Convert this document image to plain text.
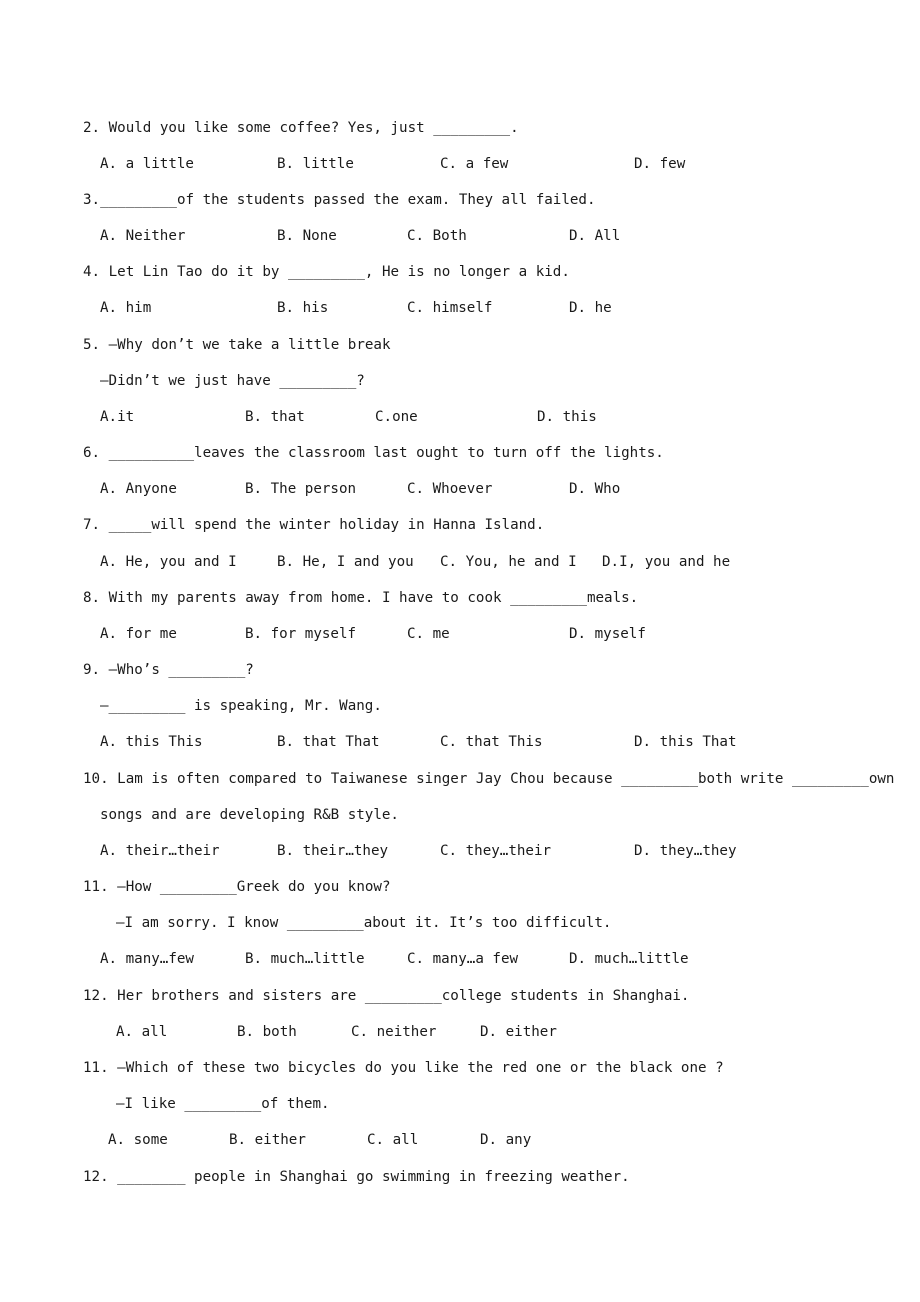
2. Would you like some coffee? Yes, just _________.
A. a little	B. little	C. a few	D. few
3._________of the students passed the exam. They all failed.
A. Neither	B. None	C. Both	D. All
4. Let Lin Tao do it by _________, He is no longer a kid.
A. him	B. his	C. himself	D. he
5. —Why don’t we take a little break
—Didn’t we just have _________?
A.it	B. that	C.one	D. this
6. __________leaves the classroom last ought to turn off the lights.
A. Anyone	B. The person	C. Whoever	D. Who
7. _____will spend the winter holiday in Hanna Island.
A. He, you and I	B. He, I and you C. You, he and I D.I, you and he
8. With my parents away from home. I have to cook _________meals.
A. for me	B. for myself	C. me	D. myself
9. —Who’s _________?
—_________ is speaking, Mr. Wang.
A. this This	B. that That	C. that This	D. this That
10. Lam is often compared to Taiwanese singer Jay Chou because _________both write _________own
songs and are developing R&B style.
A. their…their	B. their…they	C. they…their	D. they…they
11. —How _________Greek do you know?
—I am sorry. I know _________about it. It’s too difficult.
A. many…few	B. much…little	C. many…a few	D. much…little
12. Her brothers and sisters are _________college students in Shanghai.
A. all	B. both	C. neither	D. either
11. —Which of these two bicycles do you like the red one or the black one ?
—I like _________of them.
A. some	B. either	C. all	D. any
12. ________ people in Shanghai go swimming in freezing weather.
